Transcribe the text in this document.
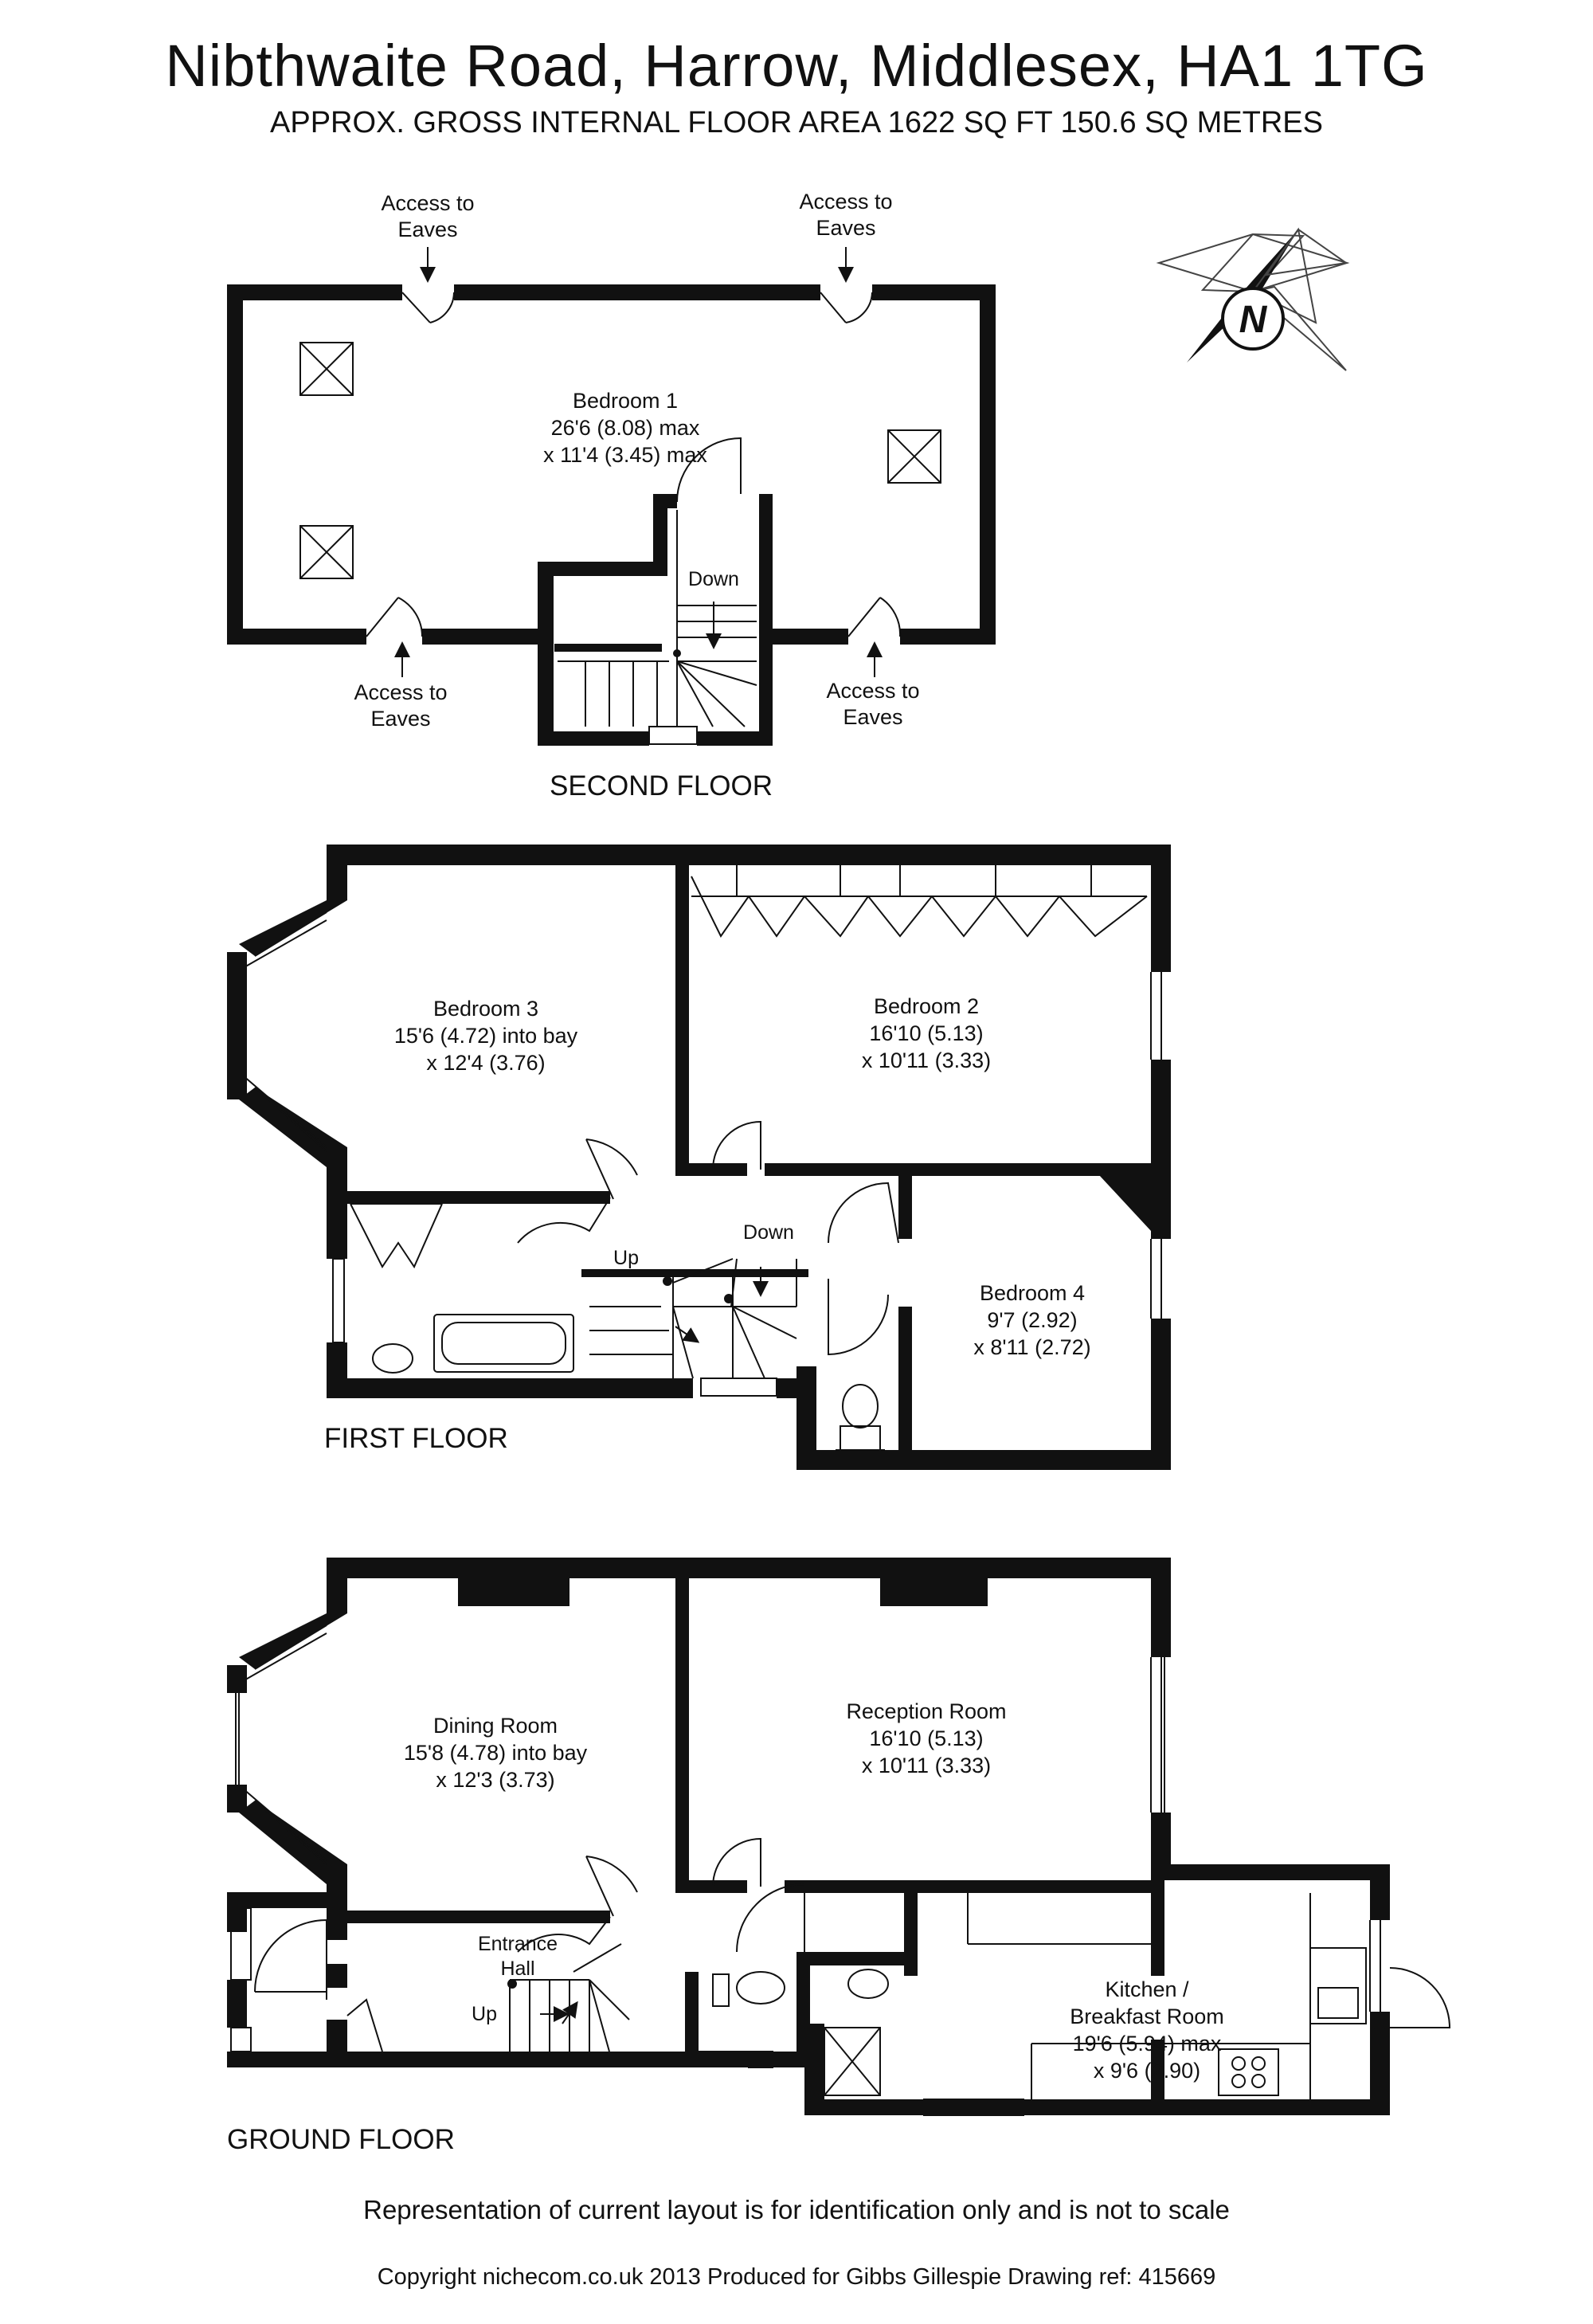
Nibthwaite Road, Harrow, Middlesex, HA1 1TG
APPROX. GROSS INTERNAL FLOOR AREA 1622 SQ FT 150.6 SQ METRES
N
Access to
Eaves
Access to
Eaves
Access to
Eaves
Access to
Eaves
Bedroom 1
26'6 (8.08) max
x 11'4 (3.45) max
Down
SECOND FLOOR
Bedroom 3
15'6 (4.72) into bay
x 12'4 (3.76)
Bedroom 2
16'10 (5.13)
x 10'11 (3.33)
Bedroom 4
9'7 (2.92)
x 8'11 (2.72)
Up
Down
FIRST FLOOR
Dining Room
15'8 (4.78) into bay
x 12'3 (3.73)
Reception Room
16'10 (5.13)
x 10'11 (3.33)
Kitchen /
Breakfast Room
19'6 (5.94) max
x 9'6 (2.90)
Entrance
Hall
Up
GROUND FLOOR
Representation of current layout is for identification only and is not to scale
Copyright nichecom.co.uk 2013 Produced for Gibbs Gillespie Drawing ref: 415669
